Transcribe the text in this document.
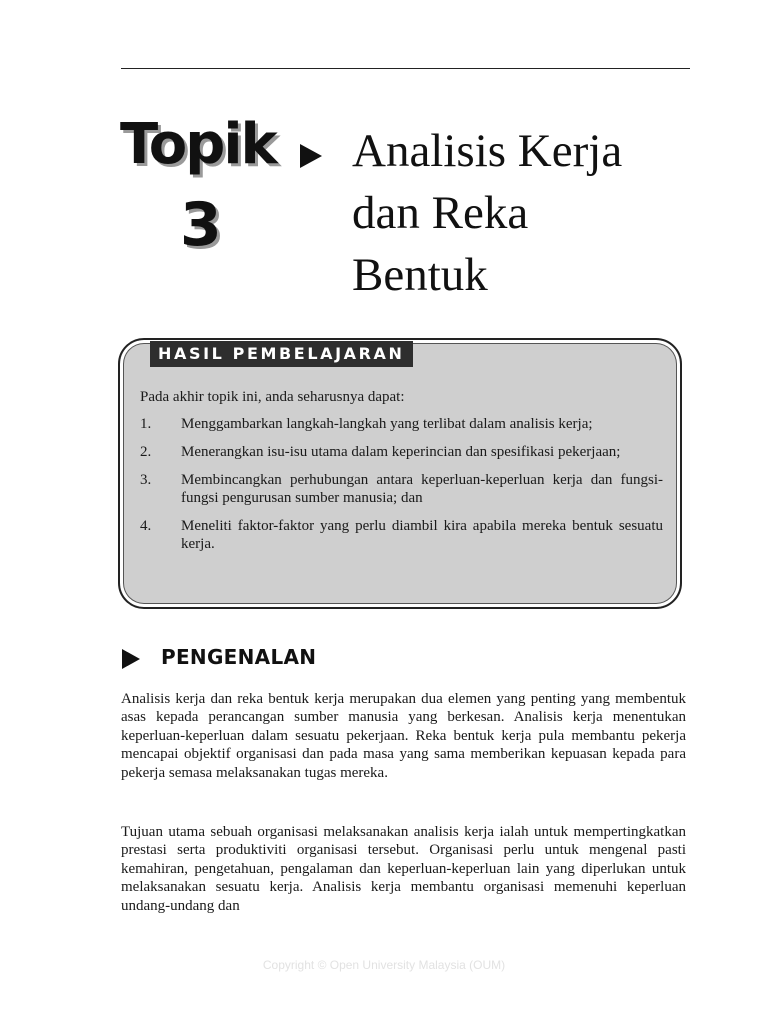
Topik
3
Analisis Kerja
dan Reka
Bentuk
HASIL PEMBELAJARAN
Pada akhir topik ini, anda seharusnya dapat:
1.	Menggambarkan langkah-langkah yang terlibat dalam analisis kerja;
2.	Menerangkan isu-isu utama dalam keperincian dan spesifikasi pekerjaan;
3.	Membincangkan perhubungan antara keperluan-keperluan kerja dan fungsi-fungsi pengurusan sumber manusia; dan
4.	Meneliti faktor-faktor yang perlu diambil kira apabila mereka bentuk sesuatu kerja.
PENGENALAN

Analisis kerja dan reka bentuk kerja merupakan dua elemen yang penting yang membentuk asas kepada perancangan sumber manusia yang berkesan. Analisis kerja menentukan keperluan-keperluan dalam sesuatu pekerjaan. Reka bentuk kerja pula membantu pekerja mencapai objektif organisasi dan pada masa yang sama memberikan kepuasan kepada para pekerja semasa melaksanakan tugas mereka.

Tujuan utama sebuah organisasi melaksanakan analisis kerja ialah untuk mempertingkatkan prestasi serta produktiviti organisasi tersebut. Organisasi perlu untuk mengenal pasti kemahiran, pengetahuan, pengalaman dan keperluan-keperluan lain yang diperlukan untuk melaksanakan sesuatu kerja. Analisis kerja membantu organisasi memenuhi keperluan undang-undang dan

Copyright © Open University Malaysia (OUM)
